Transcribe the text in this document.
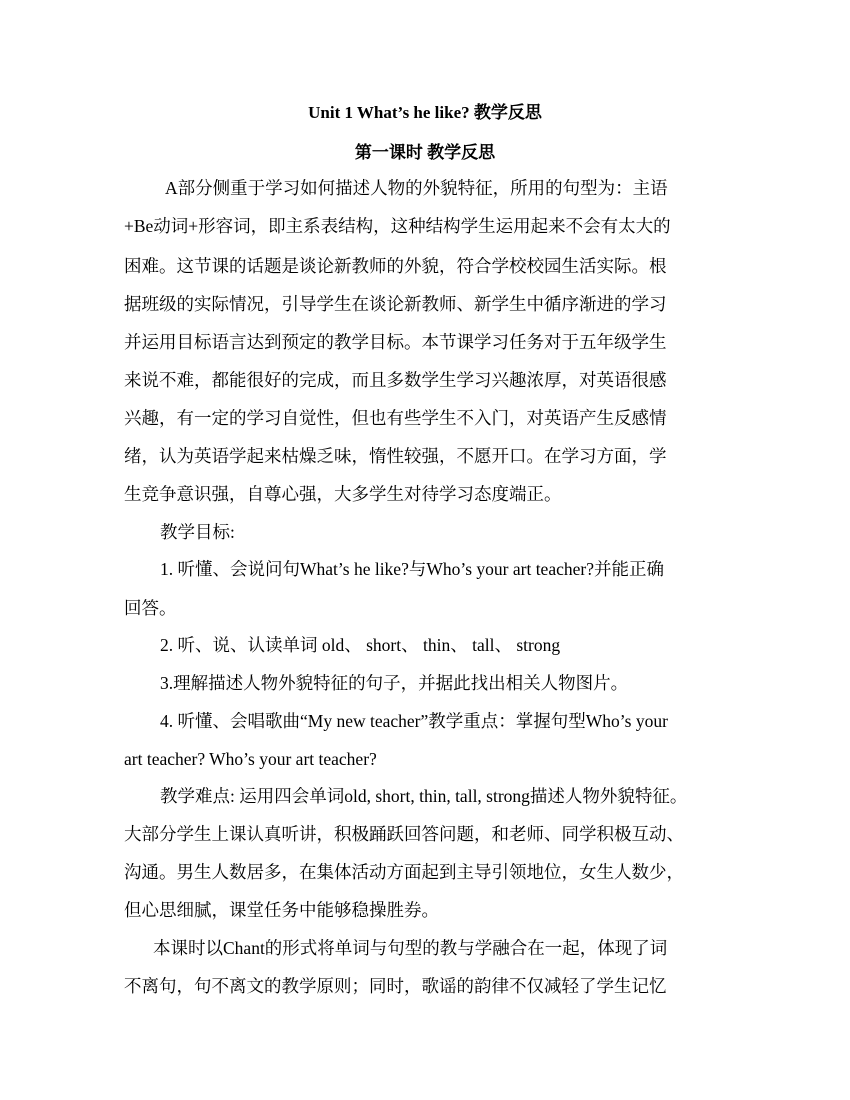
Unit 1 What’s he like? 教学反思
第一课时 教学反思
A部分侧重于学习如何描述人物的外貌特征，所用的句型为：主语
+Be动词+形容词，即主系表结构，这种结构学生运用起来不会有太大的
困难。这节课的话题是谈论新教师的外貌，符合学校校园生活实际。根
据班级的实际情况，引导学生在谈论新教师、新学生中循序渐进的学习
并运用目标语言达到预定的教学目标。本节课学习任务对于五年级学生
来说不难，都能很好的完成，而且多数学生学习兴趣浓厚，对英语很感
兴趣，有一定的学习自觉性，但也有些学生不入门，对英语产生反感情
绪，认为英语学起来枯燥乏味，惰性较强，不愿开口。在学习方面，学
生竞争意识强，自尊心强，大多学生对待学习态度端正。
教学目标:
1. 听懂、会说问句What’s he like?与Who’s your art teacher?并能正确
回答。
2. 听、说、认读单词 old、 short、 thin、 tall、 strong
3.理解描述人物外貌特征的句子，并据此找出相关人物图片。
4. 听懂、会唱歌曲“My new teacher”教学重点：掌握句型Who’s your
art teacher? Who’s your art teacher?
教学难点: 运用四会单词old, short, thin, tall, strong描述人物外貌特征。
大部分学生上课认真听讲，积极踊跃回答问题，和老师、同学积极互动、
沟通。男生人数居多，在集体活动方面起到主导引领地位，女生人数少，
但心思细腻，课堂任务中能够稳操胜券。
本课时以Chant的形式将单词与句型的教与学融合在一起，体现了词
不离句，句不离文的教学原则；同时，歌谣的韵律不仅减轻了学生记忆
